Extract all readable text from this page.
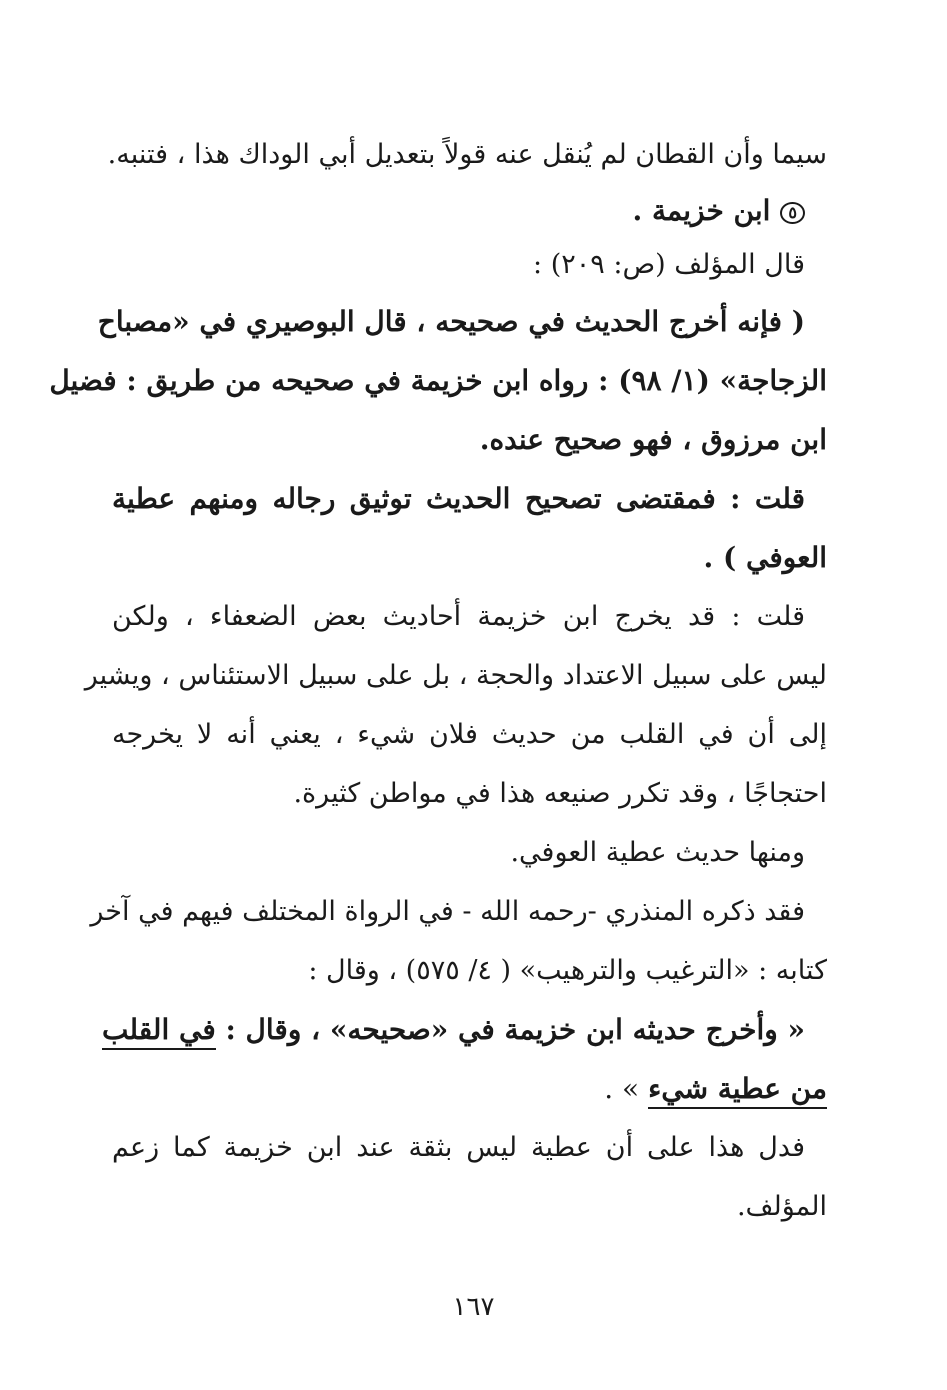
سيما وأن القطان لم يُنقل عنه قولاً بتعديل أبي الوداك هذا ، فتنبه.
٥ابن خزيمة .
قال المؤلف (ص: ٢٠٩) :
( فإنه أخرج الحديث في صحيحه ، قال البوصيري في «مصباح
الزجاجة» (١/ ٩٨) : رواه ابن خزيمة في صحيحه من طريق : فضيل
ابن مرزوق ، فهو صحيح عنده.
قلت : فمقتضى تصحيح الحديث توثيق رجاله ومنهم عطية
العوفي ) .
قلت : قد يخرج ابن خزيمة أحاديث بعض الضعفاء ، ولكن
ليس على سبيل الاعتداد والحجة ، بل على سبيل الاستئناس ، ويشير
إلى أن في القلب من حديث فلان شيء ، يعني أنه لا يخرجه
احتجاجًا ، وقد تكرر صنيعه هذا في مواطن كثيرة.
ومنها حديث عطية العوفي.
فقد ذكره المنذري -رحمه الله - في الرواة المختلف فيهم في آخر
كتابه : «الترغيب والترهيب» ( ٤/ ٥٧٥) ، وقال :
« وأخرج حديثه ابن خزيمة في «صحيحه» ، وقال : في القلب
من عطية شيء » .
فدل هذا على أن عطية ليس بثقة عند ابن خزيمة كما زعم
المؤلف.
١٦٧
